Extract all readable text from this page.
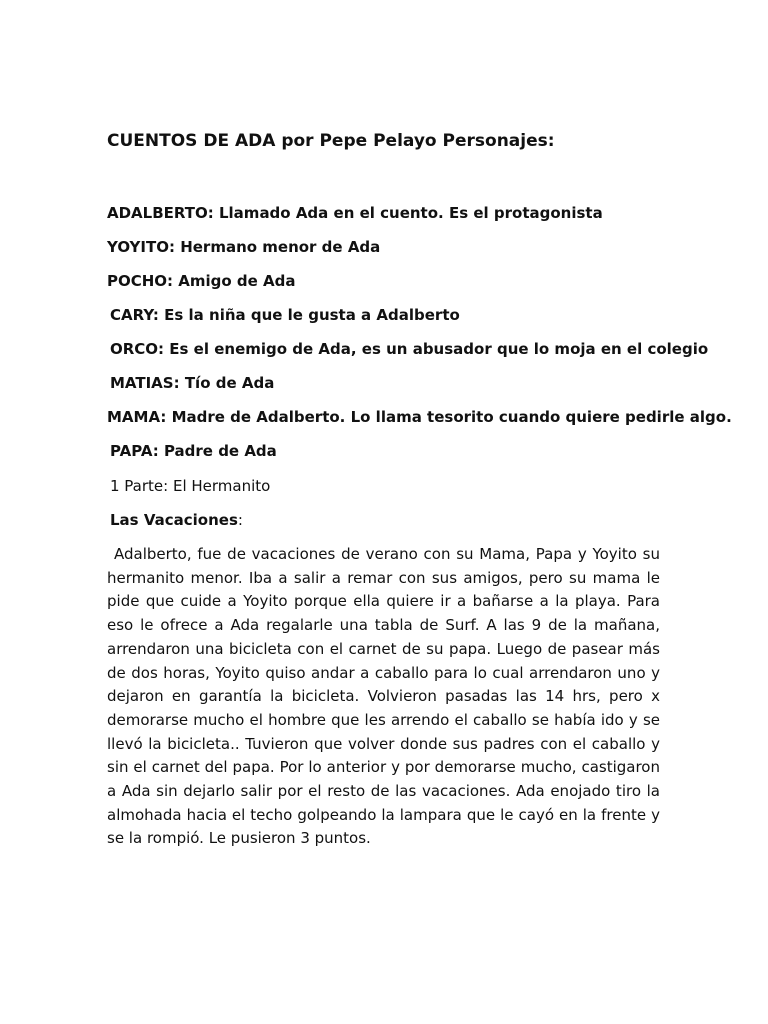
CUENTOS DE ADA por Pepe Pelayo Personajes:
ADALBERTO: Llamado Ada en el cuento. Es el protagonista
YOYITO: Hermano menor de Ada
POCHO: Amigo de Ada
CARY: Es la niña que le gusta a Adalberto
ORCO: Es el enemigo de Ada, es un abusador que lo moja en el colegio
MATIAS: Tío de Ada
MAMA: Madre de Adalberto. Lo llama tesorito cuando quiere pedirle algo.
PAPA: Padre de Ada
1 Parte: El Hermanito
Las Vacaciones:

Adalberto, fue de vacaciones de verano con su Mama, Papa y Yoyito su hermanito menor. Iba a salir a remar con sus amigos, pero su mama le pide que cuide a Yoyito porque ella quiere ir a bañarse a la playa. Para eso le ofrece a Ada regalarle una tabla de Surf. A las 9 de la mañana, arrendaron una bicicleta con el carnet de su papa. Luego de pasear más de dos horas, Yoyito quiso andar a caballo para lo cual arrendaron uno y dejaron en garantía la bicicleta. Volvieron pasadas las 14 hrs, pero x demorarse mucho el hombre que les arrendo el caballo se había ido y se llevó la bicicleta.. Tuvieron que volver donde sus padres con el caballo y sin el carnet del papa. Por lo anterior y por demorarse mucho, castigaron a Ada sin dejarlo salir por el resto de las vacaciones. Ada enojado tiro la almohada hacia el techo golpeando la lampara que le cayó en la frente y se la rompió. Le pusieron 3 puntos.
